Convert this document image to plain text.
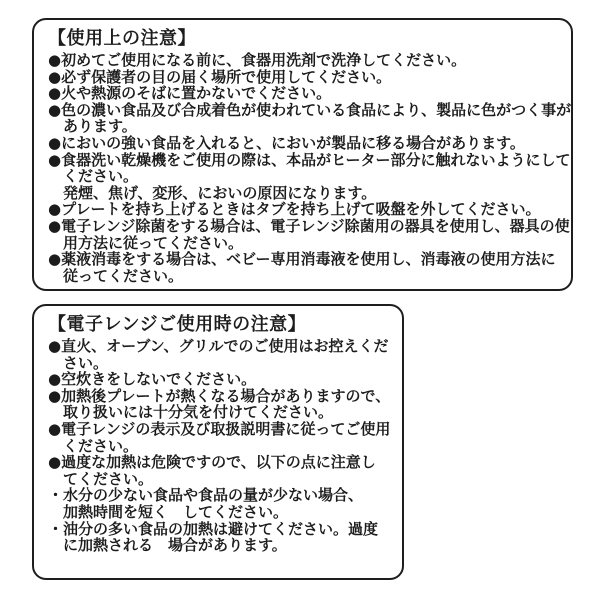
【使用上の注意】
●初めてご使用になる前に、食器用洗剤で洗浄してください。
●必ず保護者の目の届く場所で使用してください。
●火や熱源のそばに置かないでください。
●色の濃い食品及び合成着色が使われている食品により、製品に色がつく事が
あります。
●においの強い食品を入れると、においが製品に移る場合があります。
●食器洗い乾燥機をご使用の際は、本品がヒーター部分に触れないようにして
ください。
発煙、焦げ、変形、においの原因になります。
●プレートを持ち上げるときはタブを持ち上げて吸盤を外してください。
●電子レンジ除菌をする場合は、電子レンジ除菌用の器具を使用し、器具の使
用方法に従ってください。
●薬液消毒をする場合は、ベビー専用消毒液を使用し、消毒液の使用方法に
従ってください。
【電子レンジご使用時の注意】
●直火、オーブン、グリルでのご使用はお控えくだ
さい。
●空炊きをしないでください。
●加熱後プレートが熱くなる場合がありますので、
取り扱いには十分気を付けてください。
●電子レンジの表示及び取扱説明書に従ってご使用
ください。
●過度な加熱は危険ですので、以下の点に注意し
てください。
・水分の少ない食品や食品の量が少ない場合、
加熱時間を短く　してください。
・油分の多い食品の加熱は避けてください。過度
に加熱される　場合があります。
